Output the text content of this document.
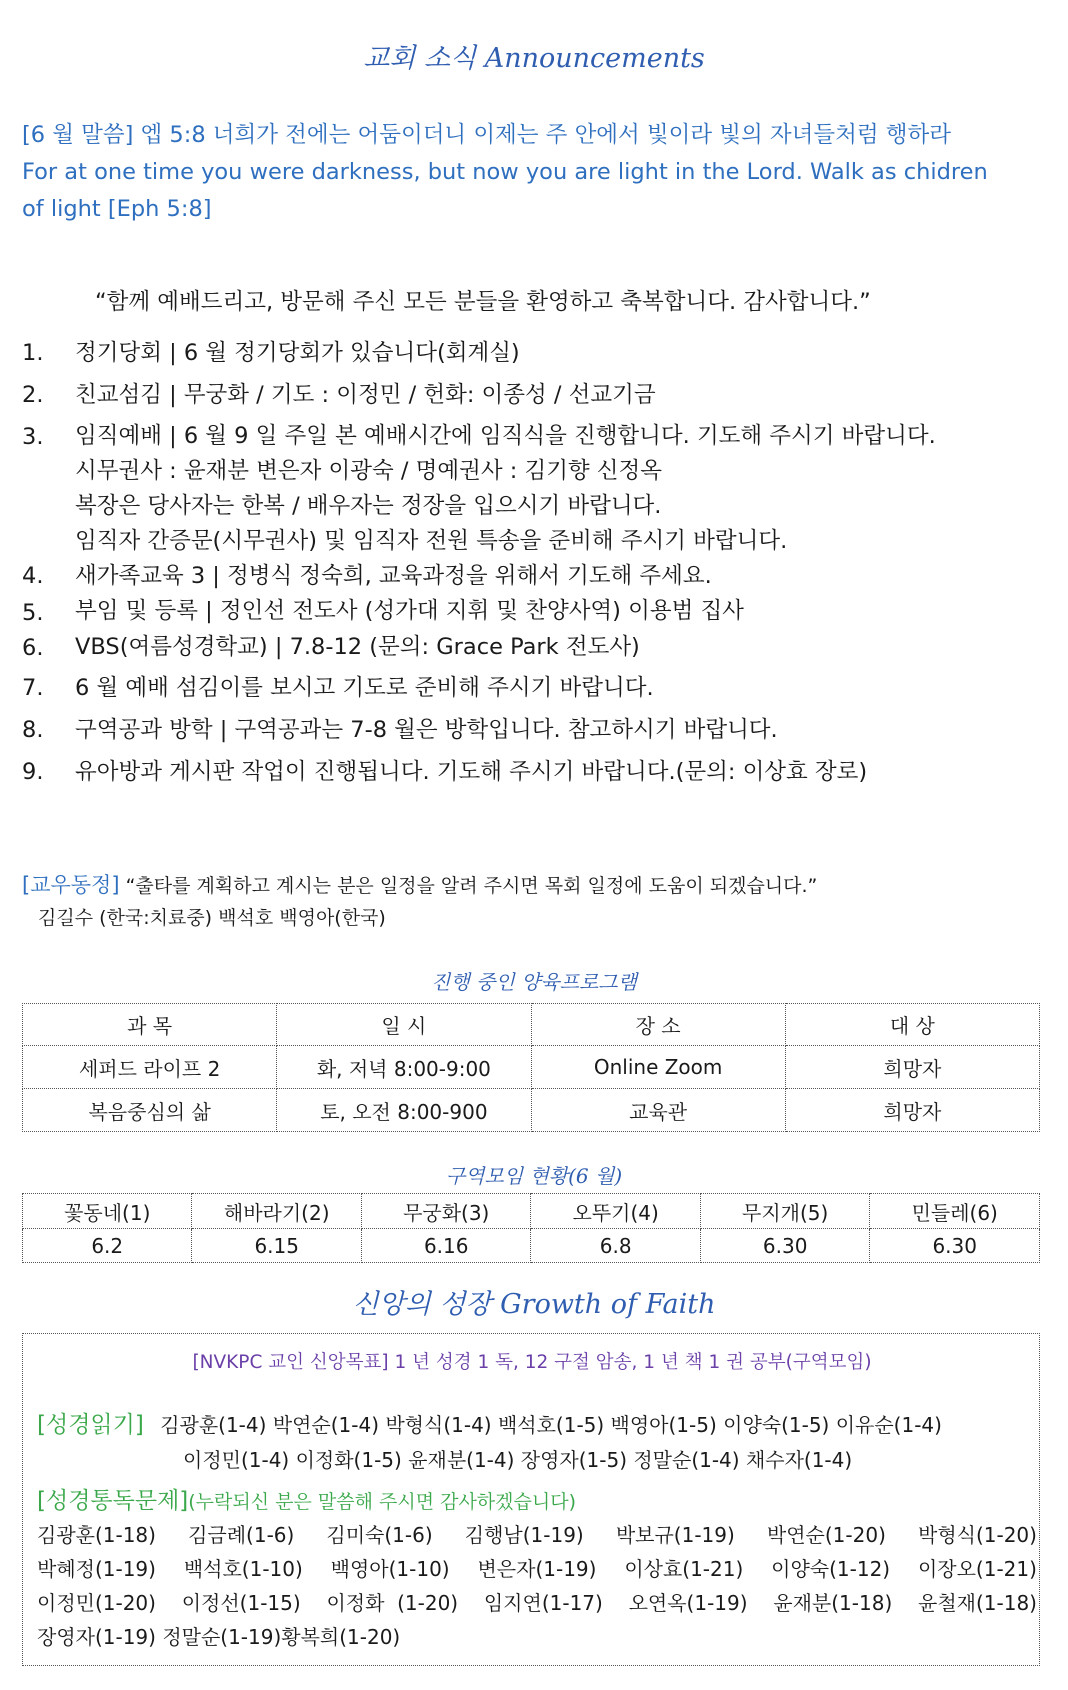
교회 소식 Announcements
[6 월 말씀] 엡 5:8 너희가 전에는 어둠이더니 이제는 주 안에서 빛이라 빛의 자녀들처럼 행하라
For at one time you were darkness, but now you are light in the Lord. Walk as chidren
of light [Eph 5:8]
“함께 예배드리고, 방문해 주신 모든 분들을 환영하고 축복합니다. 감사합니다.”
1. 정기당회 | 6 월 정기당회가 있습니다(회계실)
2. 친교섬김 | 무궁화 / 기도 : 이정민 / 헌화: 이종성 / 선교기금
3. 임직예배 | 6 월 9 일 주일 본 예배시간에 임직식을 진행합니다. 기도해 주시기 바랍니다.
시무권사 : 윤재분 변은자 이광숙 / 명예권사 : 김기향 신정옥
복장은 당사자는 한복 / 배우자는 정장을 입으시기 바랍니다.
임직자 간증문(시무권사) 및 임직자 전원 특송을 준비해 주시기 바랍니다.
4. 새가족교육 3 | 정병식 정숙희, 교육과정을 위해서 기도해 주세요.
5. 부임 및 등록 | 정인선 전도사 (성가대 지휘 및 찬양사역) 이용범 집사
6. VBS(여름성경학교) | 7.8-12 (문의: Grace Park 전도사)
7. 6 월 예배 섬김이를 보시고 기도로 준비해 주시기 바랍니다.
8. 구역공과 방학 | 구역공과는 7-8 월은 방학입니다. 참고하시기 바랍니다.
9. 유아방과 게시판 작업이 진행됩니다. 기도해 주시기 바랍니다.(문의: 이상효 장로)
[교우동정] “출타를 계획하고 계시는 분은 일정을 알려 주시면 목회 일정에 도움이 되겠습니다.”
김길수 (한국:치료중) 백석호 백영아(한국)
진행 중인 양육프로그램
과 목	일 시	장 소	대 상
세퍼드 라이프 2	화, 저녁 8:00-9:00	Online Zoom	희망자
복음중심의 삶	토, 오전 8:00-900	교육관	희망자
구역모임 현황(6 월)
꽃동네(1)	해바라기(2)	무궁화(3)	오뚜기(4)	무지개(5)	민들레(6)
6.2	6.15	6.16	6.8	6.30	6.30
신앙의 성장 Growth of Faith
[NVKPC 교인 신앙목표] 1 년 성경 1 독, 12 구절 암송, 1 년 책 1 권 공부(구역모임)
[성경읽기] 김광훈(1-4) 박연순(1-4) 박형식(1-4) 백석호(1-5) 백영아(1-5) 이양숙(1-5) 이유순(1-4)
이정민(1-4) 이정화(1-5) 윤재분(1-4) 장영자(1-5) 정말순(1-4) 채수자(1-4)
[성경통독문제](누락되신 분은 말씀해 주시면 감사하겠습니다)
김광훈(1-18) 김금례(1-6) 김미숙(1-6) 김행남(1-19) 박보규(1-19) 박연순(1-20) 박형식(1-20)
박혜정(1-19) 백석호(1-10) 백영아(1-10) 변은자(1-19) 이상효(1-21) 이양숙(1-12) 이장오(1-21)
이정민(1-20) 이정선(1-15) 이정화  (1-20) 임지연(1-17) 오연옥(1-19) 윤재분(1-18) 윤철재(1-18)
장영자(1-19) 정말순(1-19)황복희(1-20)
